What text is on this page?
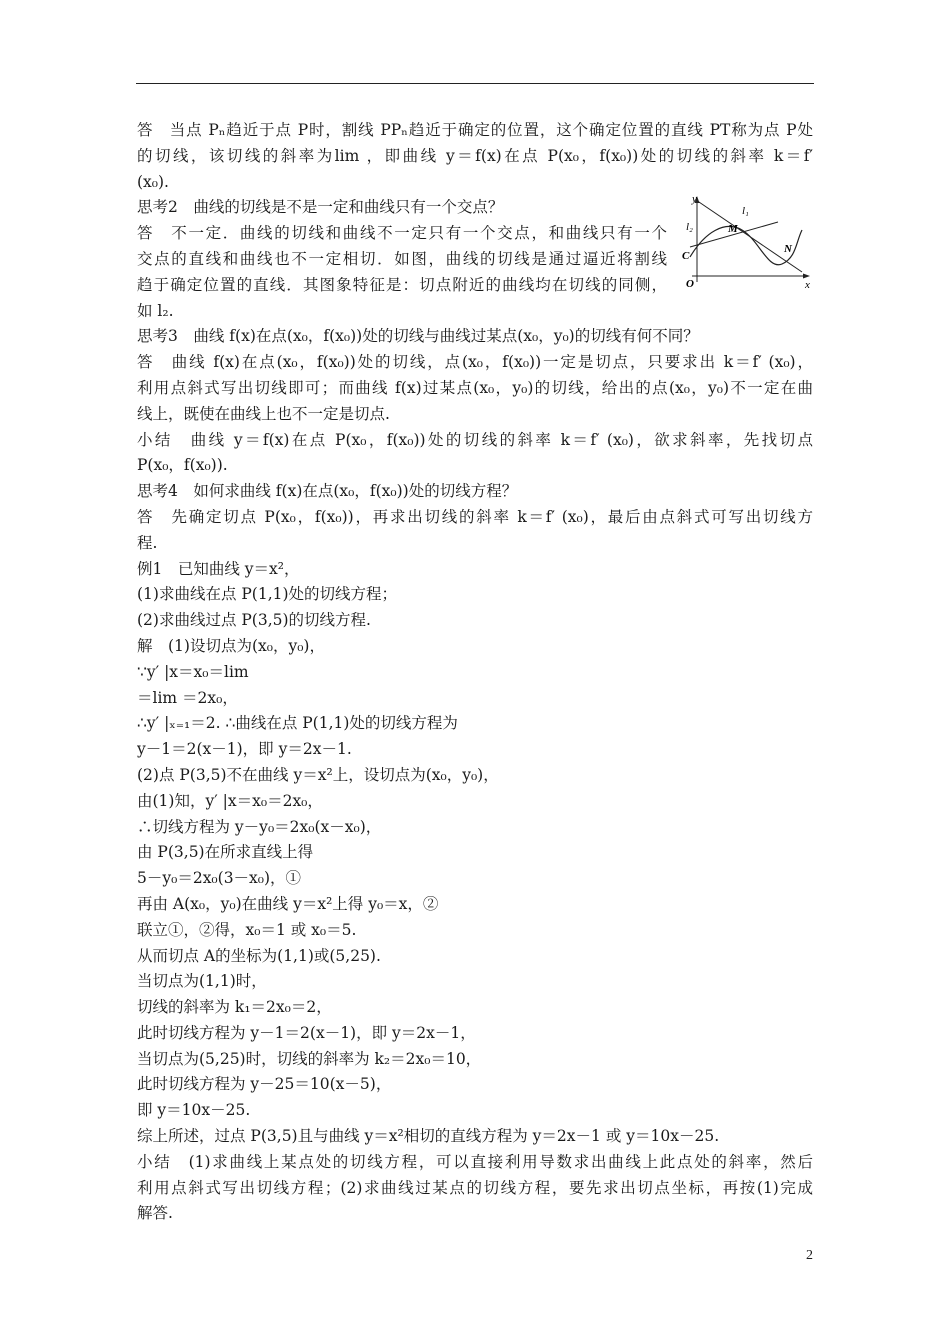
答　当点 Pₙ趋近于点 P时，割线 PPₙ趋近于确定的位置，这个确定位置的直线 PT称为点 P处
的切线，该切线的斜率为lim ，即曲线 y＝f(x)在点 P(x₀，f(x₀))处的切线的斜率 k＝f′
(x₀).
思考2　曲线的切线是不是一定和曲线只有一个交点？
答　不一定．曲线的切线和曲线不一定只有一个交点，和曲线只有一个
交点的直线和曲线也不一定相切．如图，曲线的切线是通过逼近将割线
趋于确定位置的直线．其图象特征是：切点附近的曲线均在切线的同侧，
如 l₂.
思考3　曲线 f(x)在点(x₀，f(x₀))处的切线与曲线过某点(x₀，y₀)的切线有何不同？
答　曲线 f(x)在点(x₀，f(x₀))处的切线，点(x₀，f(x₀))一定是切点，只要求出 k＝f′ (x₀)，
利用点斜式写出切线即可；而曲线 f(x)过某点(x₀，y₀)的切线，给出的点(x₀，y₀)不一定在曲
线上，既使在曲线上也不一定是切点.
小结　曲线 y＝f(x)在点 P(x₀，f(x₀))处的切线的斜率 k＝f′ (x₀)，欲求斜率，先找切点
P(x₀，f(x₀)).
思考4　如何求曲线 f(x)在点(x₀，f(x₀))处的切线方程？
答　先确定切点 P(x₀，f(x₀))，再求出切线的斜率 k＝f′ (x₀)，最后由点斜式可写出切线方
程.
例1　已知曲线 y＝x²，
(1)求曲线在点 P(1,1)处的切线方程；
(2)求曲线过点 P(3,5)的切线方程.
解　(1)设切点为(x₀，y₀)，
∵y′ |x＝x₀＝lim
＝lim ＝2x₀，
∴y′ |ₓ₌₁＝2. ∴曲线在点 P(1,1)处的切线方程为
y－1＝2(x－1)，即 y＝2x－1.
(2)点 P(3,5)不在曲线 y＝x²上，设切点为(x₀，y₀)，
由(1)知，y′ |x＝x₀＝2x₀，
∴切线方程为 y－y₀＝2x₀(x－x₀)，
由 P(3,5)在所求直线上得
5－y₀＝2x₀(3－x₀)，①
再由 A(x₀，y₀)在曲线 y＝x²上得 y₀＝x，②
联立①，②得，x₀＝1 或 x₀＝5.
从而切点 A的坐标为(1,1)或(5,25).
当切点为(1,1)时，
切线的斜率为 k₁＝2x₀＝2，
此时切线方程为 y－1＝2(x－1)，即 y＝2x－1，
当切点为(5,25)时，切线的斜率为 k₂＝2x₀＝10，
此时切线方程为 y－25＝10(x－5)，
即 y＝10x－25.
综上所述，过点 P(3,5)且与曲线 y＝x²相切的直线方程为 y＝2x－1 或 y＝10x－25.
小结　(1)求曲线上某点处的切线方程，可以直接利用导数求出曲线上此点处的斜率，然后
利用点斜式写出切线方程；(2)求曲线过某点的切线方程，要先求出切点坐标，再按(1)完成
解答.
y
x
O
l₁
l₂	M
N
C
2
